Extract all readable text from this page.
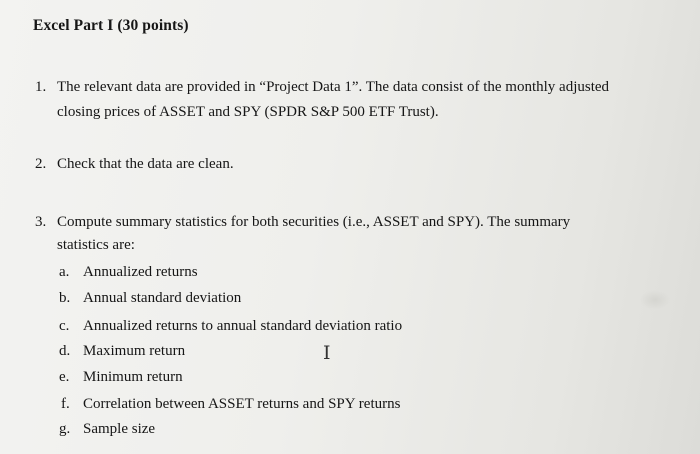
Excel Part I (30 points)
1. The relevant data are provided in “Project Data 1”. The data consist of the monthly adjusted
closing prices of ASSET and SPY (SPDR S&P 500 ETF Trust).
2. Check that the data are clean.
3. Compute summary statistics for both securities (i.e., ASSET and SPY). The summary
statistics are:
a. Annualized returns
b. Annual standard deviation
c. Annualized returns to annual standard deviation ratio
d. Maximum return
e. Minimum return
f. Correlation between ASSET returns and SPY returns
g. Sample size
I
